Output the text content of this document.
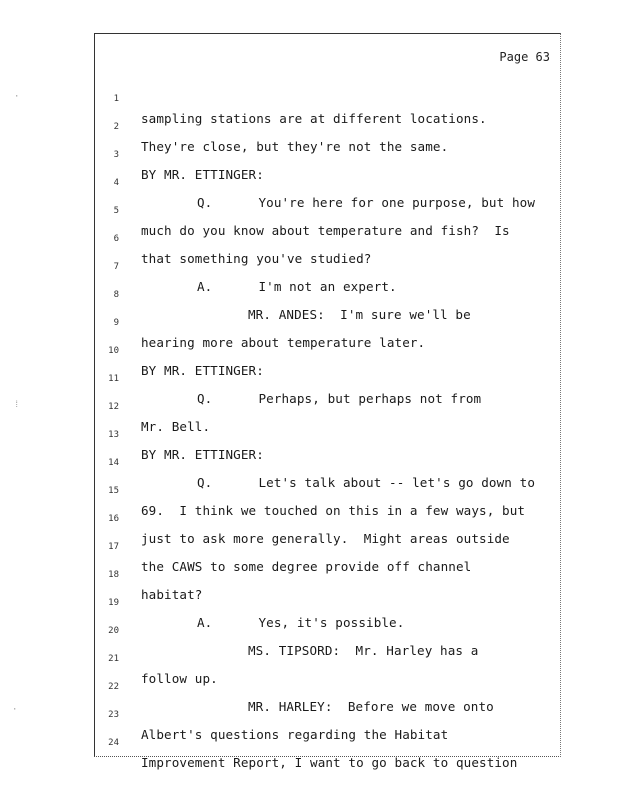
Page 63

1

sampling stations are at different locations.

2

They're close, but they're not the same.

3

BY MR. ETTINGER:

4

Q.      You're here for one purpose, but how

5

much do you know about temperature and fish?  Is

6

that something you've studied?

7

A.      I'm not an expert.

8

MR. ANDES:  I'm sure we'll be

9

hearing more about temperature later.

10

BY MR. ETTINGER:

11

Q.      Perhaps, but perhaps not from

12

Mr. Bell.

13

BY MR. ETTINGER:

14

Q.      Let's talk about -- let's go down to

15

69.  I think we touched on this in a few ways, but

16

just to ask more generally.  Might areas outside

17

the CAWS to some degree provide off channel

18

habitat?

19

A.      Yes, it's possible.

20

MS. TIPSORD:  Mr. Harley has a

21

follow up.

22

MR. HARLEY:  Before we move onto

23

Albert's questions regarding the Habitat

24

Improvement Report, I want to go back to question

·
⁞
·
